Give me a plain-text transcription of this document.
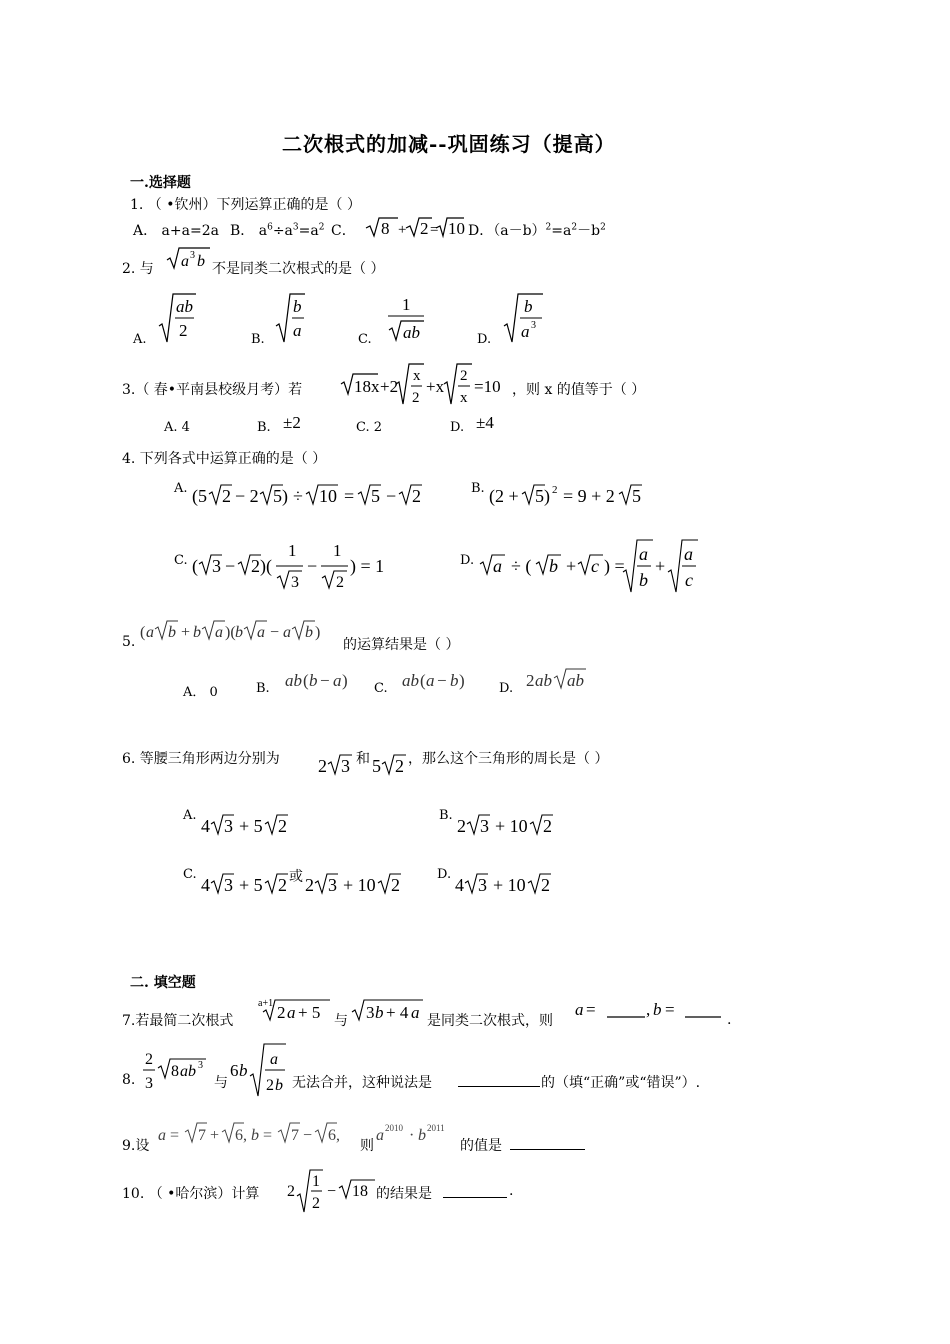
二次根式的加减--巩固练习（提高）
一.选择题
1. （ •钦州）下列运算正确的是（ ）
A． a+a=2a B． $a^6\div a^3=a^2$ C． 8 + 2 = 10 D．$(a-b)^2=a^2-b^2$
2. 与 a 3 b 不是同类二次根式的是（ ）
A.
ab
2	B.
b
a	C.
1
ab	D.
b
a 3
3.（ 春•平南县校级月考）若	18x +2
x
2
+x
2
x
=10 ，则 x 的值等于（ ）
A. 4	B. ±2	C. 2	D. ±4
4. 下列各式中运算正确的是（ ）
A. (5 2 − 2 5) ÷ 10 = 5 − 2	B. (2 + 5) 2 = 9 + 2 5
C. ( 3 − 2)(
1
3
−
1
2
) = 1	D. a ÷ ( b + c ) =
a
b
+
a
c
5.
( a b + b a )( b a − a b )
的运算结果是（ ）
A． 0	B. ab ( b − a ) C. ab ( a − b )	D. 2 ab ab
6. 等腰三角形两边分别为 2 3 和 5 2 ，那么这个三角形的周长是（ ）
A.
4 3 + 5 2
B.
2 3 + 10 2
C.
4 3 + 5 2 或 2 3 + 10 2
D.
4 3 + 10 2
二. 填空题
7.若最简二次根式
a+1 2 a + 5 与 3 b + 4 a 是同类二次根式，则
a =	, b =
.
8.
2
3
8 ab 3
与
6 b
a
2 b 无法合并，这种说法是	的（填“正确”或“错误”）.
9.设
a = 7 + 6, b = 7 − 6,
则
a 2010 · b 2011
的值是
10. （ •哈尔滨）计算 2
1
2
− 18 的结果是	.
